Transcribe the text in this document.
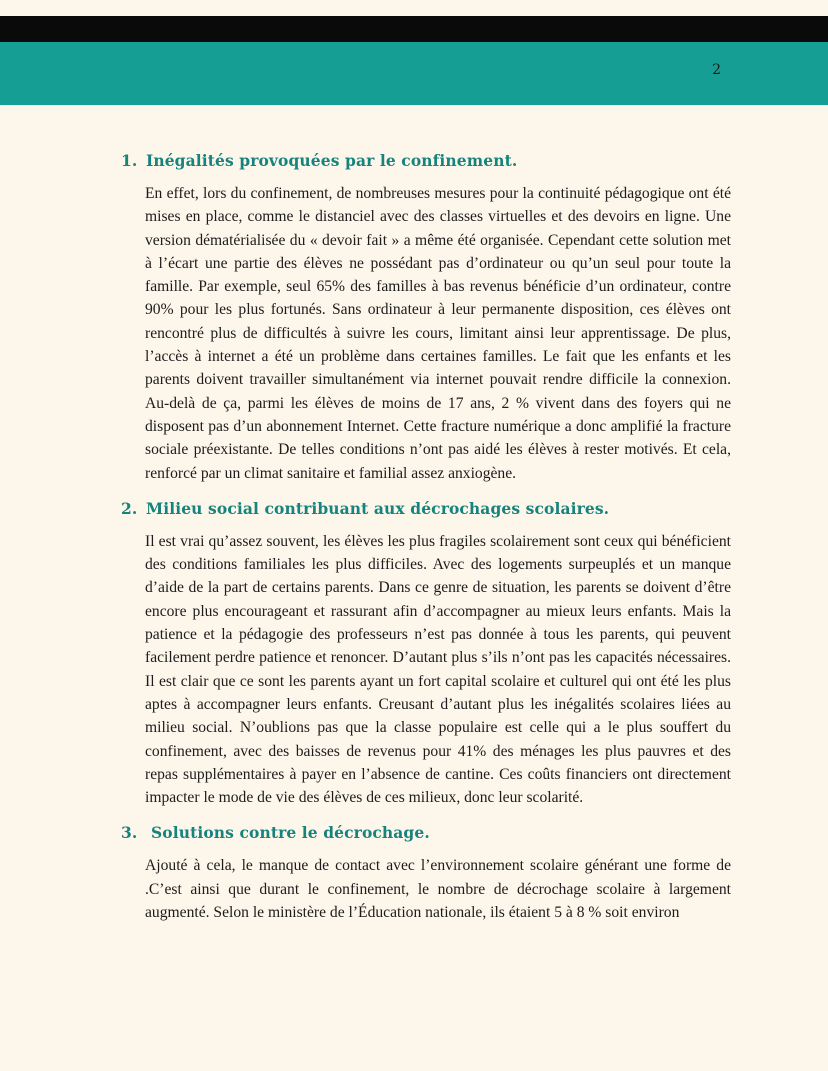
2
1. Inégalités provoquées par le confinement.

En effet, lors du confinement, de nombreuses mesures pour la continuité pédagogique ont été mises en place, comme le distanciel avec des classes virtuelles et des devoirs en ligne. Une version dématérialisée du « devoir fait » a même été organisée. Cependant cette solution met à l’écart une partie des élèves ne possédant pas d’ordinateur ou qu’un seul pour toute la famille. Par exemple, seul 65% des familles à bas revenus bénéficie d’un ordinateur, contre 90% pour les plus fortunés. Sans ordinateur à leur permanente disposition, ces élèves ont rencontré plus de difficultés à suivre les cours, limitant ainsi leur apprentissage. De plus, l’accès à internet a été un problème dans certaines familles. Le fait que les enfants et les parents doivent travailler simultanément via internet pouvait rendre difficile la connexion. Au-delà de ça, parmi les élèves de moins de 17 ans, 2 % vivent dans des foyers qui ne disposent pas d’un abonnement Internet. Cette fracture numérique a donc amplifié la fracture sociale préexistante. De telles conditions n’ont pas aidé les élèves à rester motivés. Et cela, renforcé par un climat sanitaire et familial assez anxiogène.

2. Milieu social contribuant aux décrochages scolaires.

Il est vrai qu’assez souvent, les élèves les plus fragiles scolairement sont ceux qui bénéficient des conditions familiales les plus difficiles. Avec des logements surpeuplés et un manque d’aide de la part de certains parents. Dans ce genre de situation, les parents se doivent d’être encore plus encourageant et rassurant afin d’accompagner au mieux leurs enfants. Mais la patience et la pédagogie des professeurs n’est pas donnée à tous les parents, qui peuvent facilement perdre patience et renoncer. D’autant plus s’ils n’ont pas les capacités nécessaires. Il est clair que ce sont les parents ayant un fort capital scolaire et culturel qui ont été les plus aptes à accompagner leurs enfants. Creusant d’autant plus les inégalités scolaires liées au milieu social. N’oublions pas que la classe populaire est celle qui a le plus souffert du confinement, avec des baisses de revenus pour 41% des ménages les plus pauvres et des repas supplémentaires à payer en l’absence de cantine. Ces coûts financiers ont directement impacter le mode de vie des élèves de ces milieux, donc leur scolarité.

3. Solutions contre le décrochage.

Ajouté à cela, le manque de contact avec l’environnement scolaire générant une forme de .C’est ainsi que durant le confinement, le nombre de décrochage scolaire à largement augmenté. Selon le ministère de l’Éducation nationale, ils étaient 5 à 8 % soit environ
